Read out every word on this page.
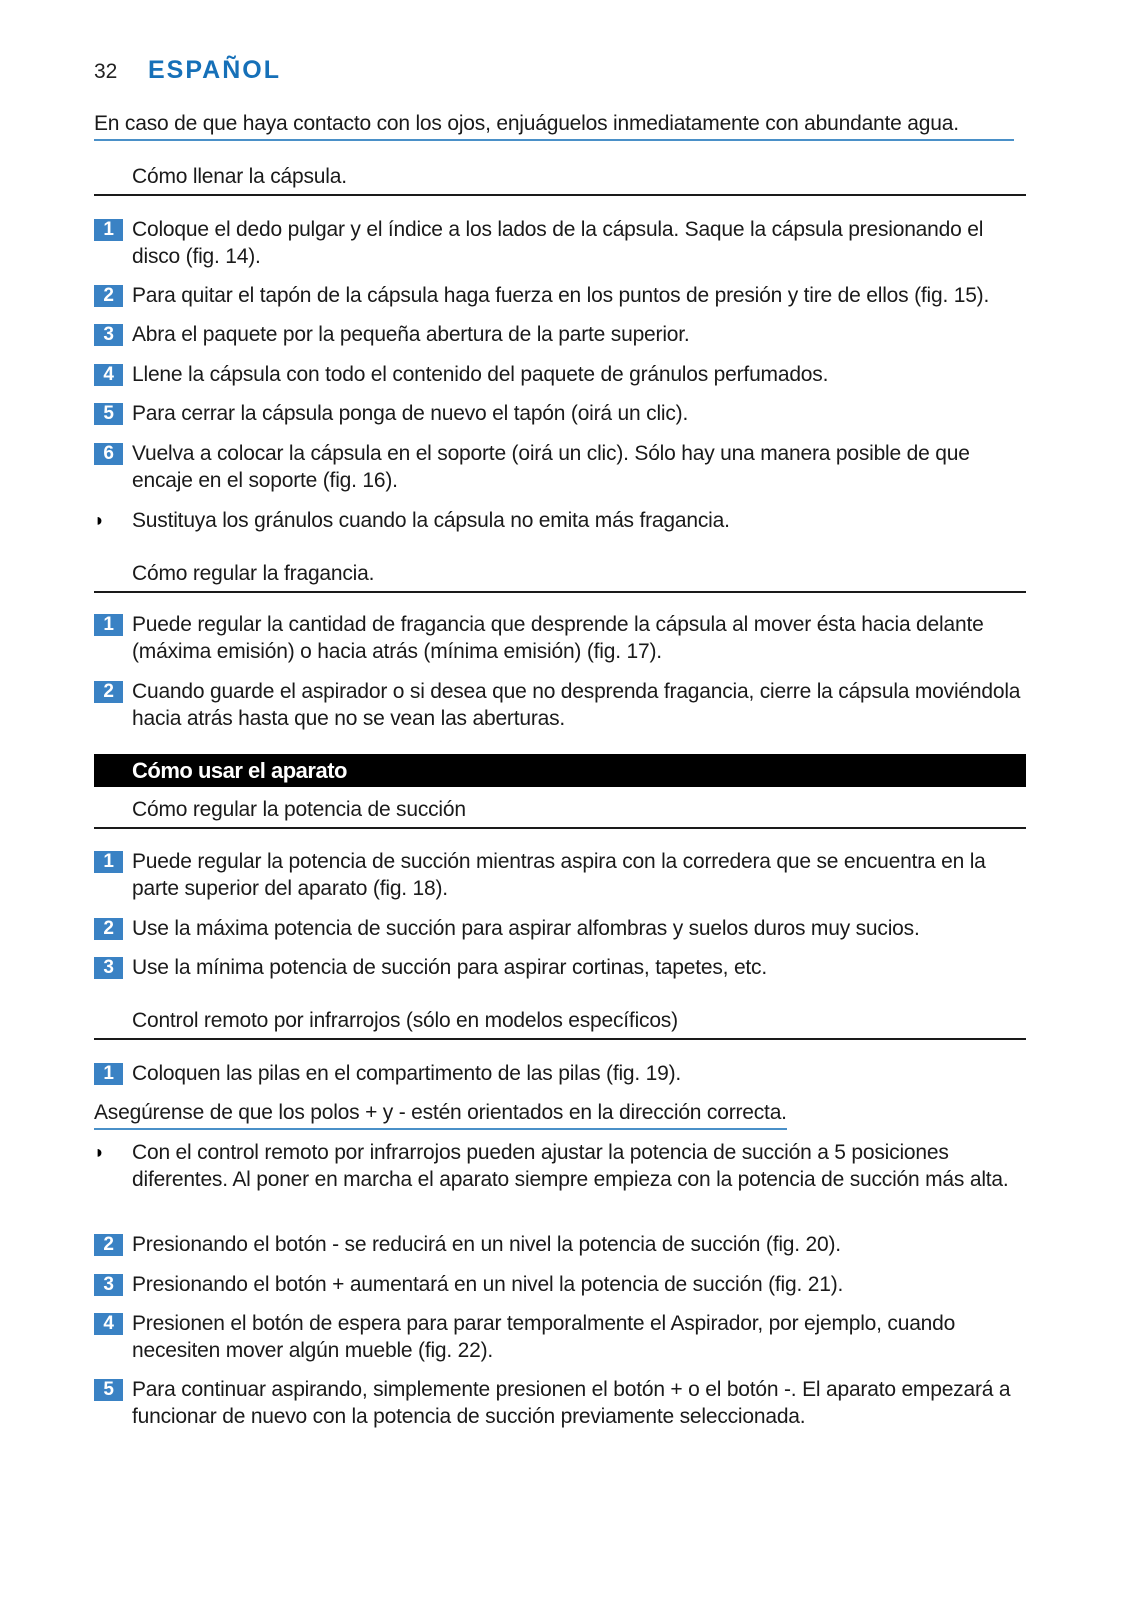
32 ESPAÑOL
En caso de que haya contacto con los ojos, enjuáguelos inmediatamente con abundante agua.
Cómo llenar la cápsula.
1 Coloque el dedo pulgar y el índice a los lados de la cápsula. Saque la cápsula presionando el disco (fig. 14).
2 Para quitar el tapón de la cápsula haga fuerza en los puntos de presión y tire de ellos (fig. 15).
3 Abra el paquete por la pequeña abertura de la parte superior.
4 Llene la cápsula con todo el contenido del paquete de gránulos perfumados.
5 Para cerrar la cápsula ponga de nuevo el tapón (oirá un clic).
6 Vuelva a colocar la cápsula en el soporte (oirá un clic). Sólo hay una manera posible de que encaje en el soporte (fig. 16).
◗ Sustituya los gránulos cuando la cápsula no emita más fragancia.
Cómo regular la fragancia.
1 Puede regular la cantidad de fragancia que desprende la cápsula al mover ésta hacia delante (máxima emisión) o hacia atrás (mínima emisión) (fig. 17).
2 Cuando guarde el aspirador o si desea que no desprenda fragancia, cierre la cápsula moviéndola hacia atrás hasta que no se vean las aberturas.
Cómo usar el aparato
Cómo regular la potencia de succión
1 Puede regular la potencia de succión mientras aspira con la corredera que se encuentra en la parte superior del aparato (fig. 18).
2 Use la máxima potencia de succión para aspirar alfombras y suelos duros muy sucios.
3 Use la mínima potencia de succión para aspirar cortinas, tapetes, etc.
Control remoto por infrarrojos (sólo en modelos específicos)
1 Coloquen las pilas en el compartimento de las pilas (fig. 19).
Asegúrense de que los polos + y - estén orientados en la dirección correcta.
◗ Con el control remoto por infrarrojos pueden ajustar la potencia de succión a 5 posiciones diferentes. Al poner en marcha el aparato siempre empieza con la potencia de succión más alta.
2 Presionando el botón - se reducirá en un nivel la potencia de succión (fig. 20).
3 Presionando el botón + aumentará en un nivel la potencia de succión (fig. 21).
4 Presionen el botón de espera para parar temporalmente el Aspirador, por ejemplo, cuando necesiten mover algún mueble (fig. 22).
5 Para continuar aspirando, simplemente presionen el botón + o el botón -. El aparato empezará a funcionar de nuevo con la potencia de succión previamente seleccionada.
